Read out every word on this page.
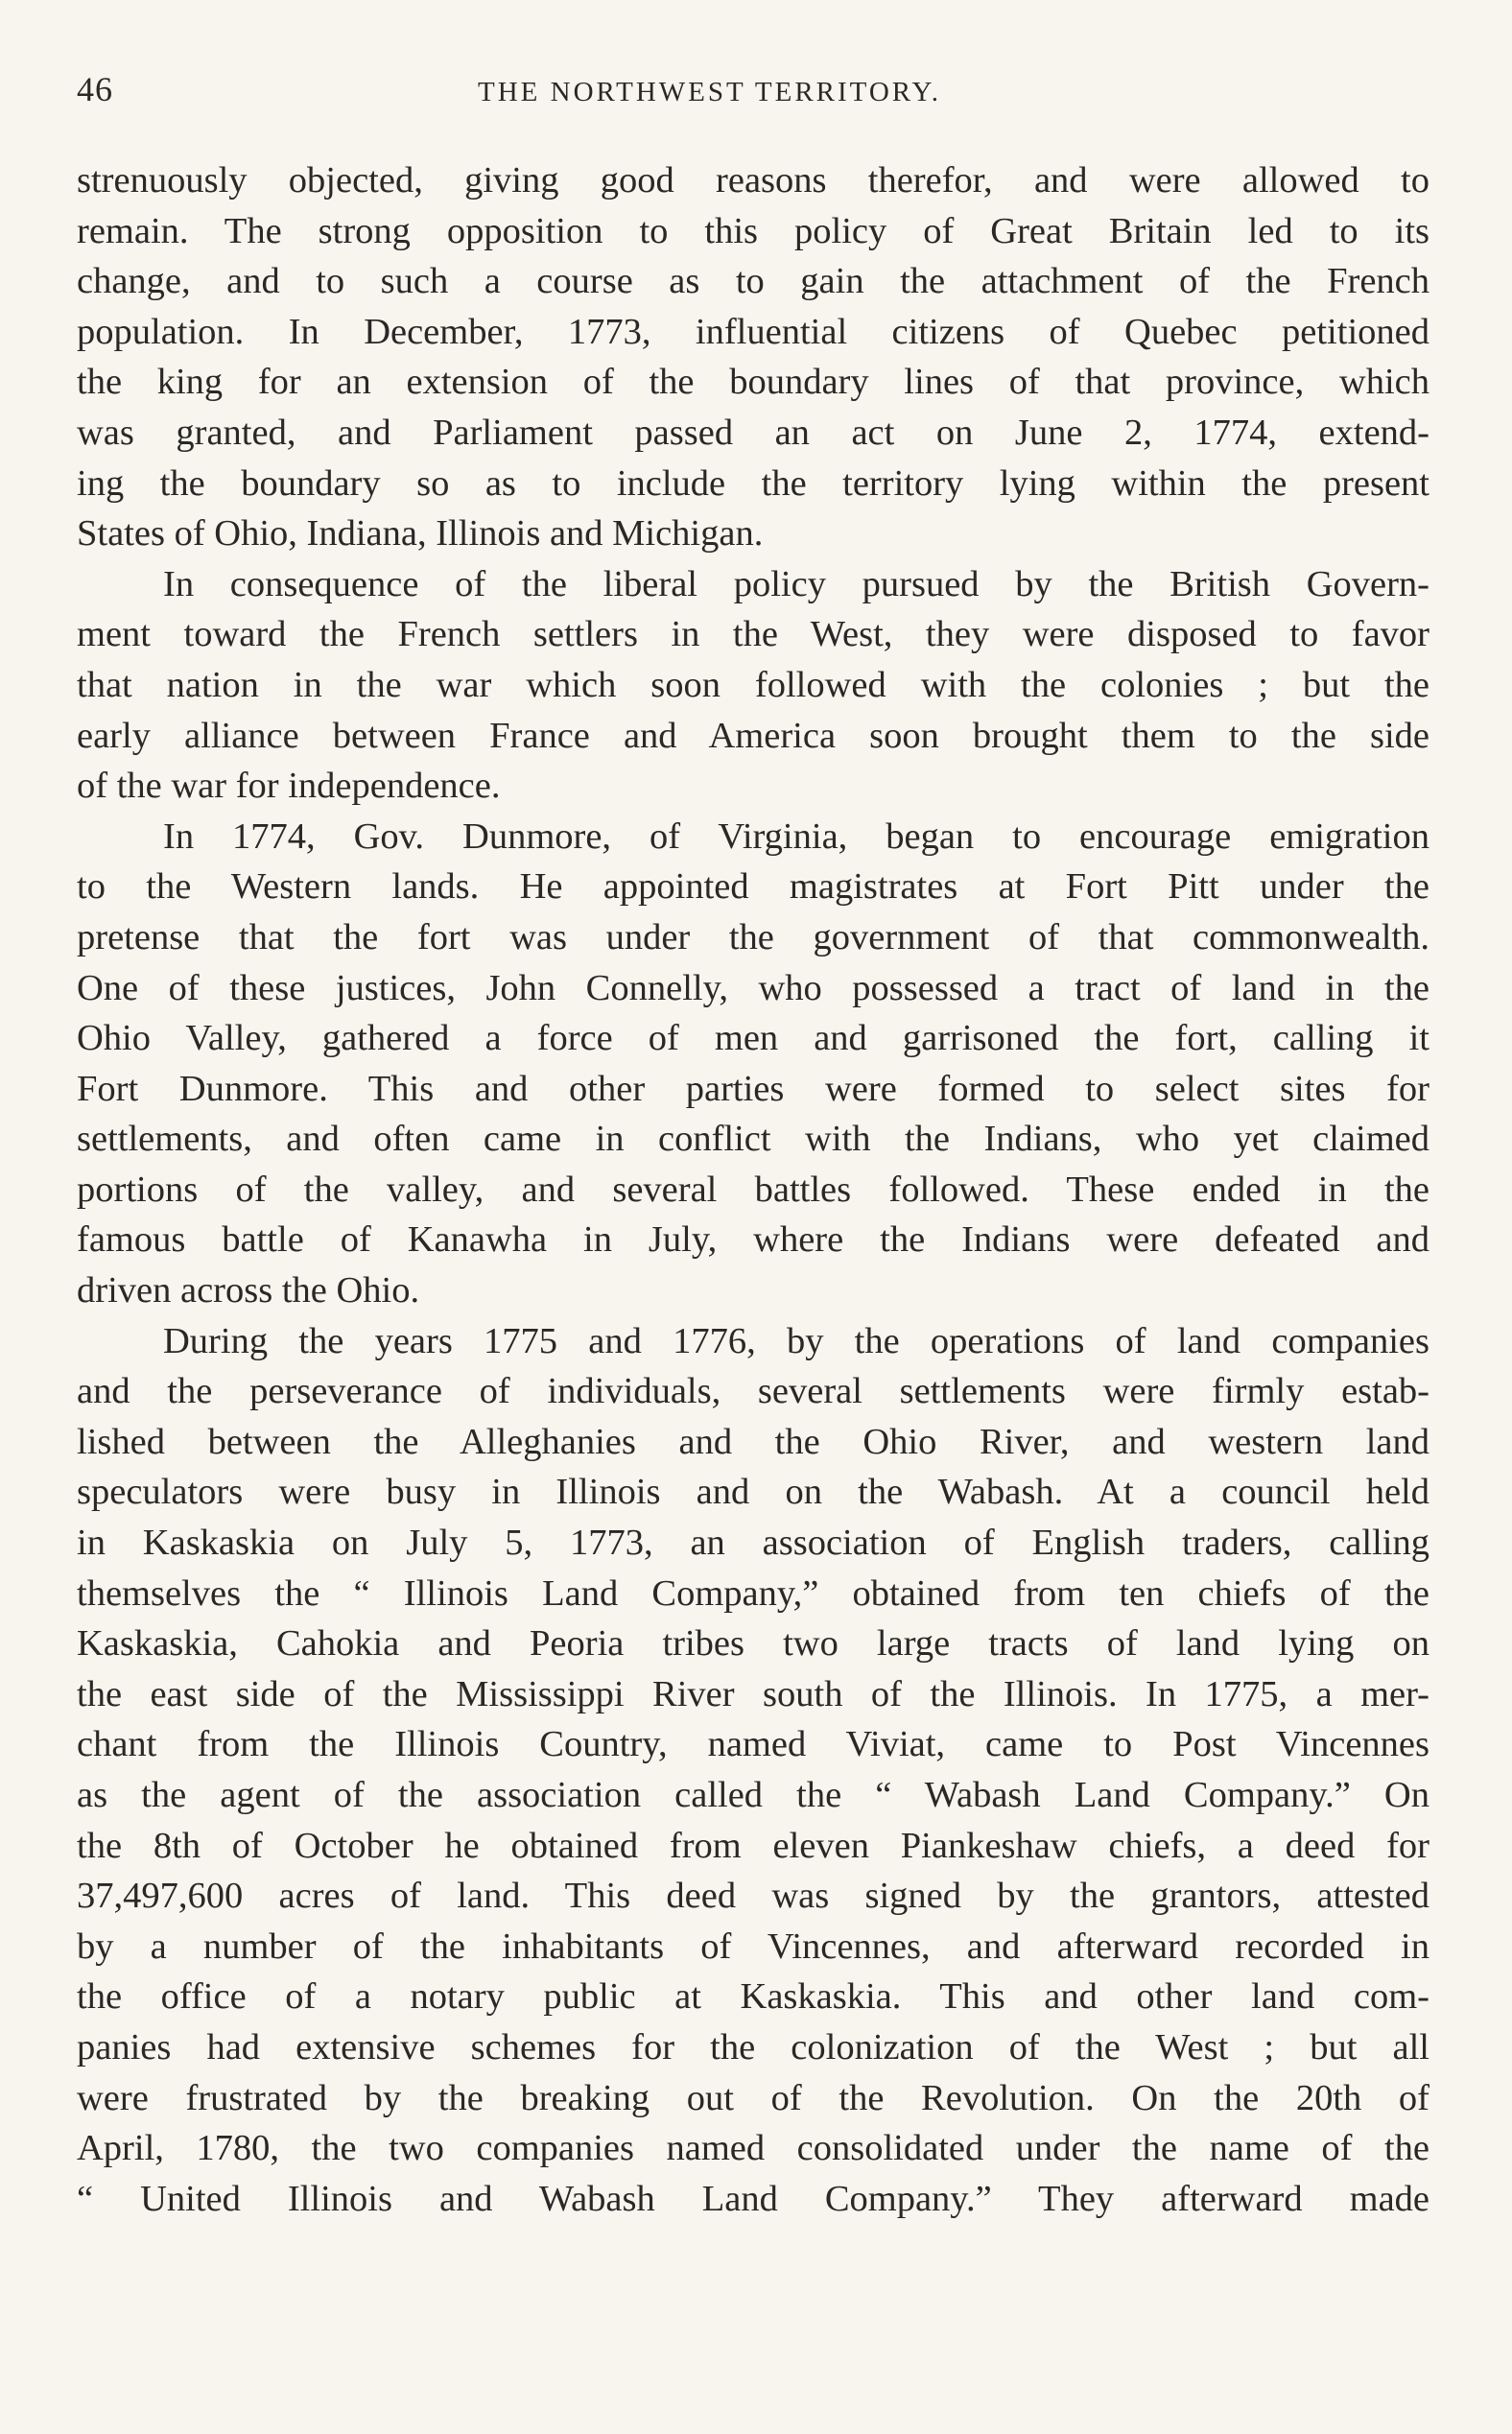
46	THE NORTHWEST TERRITORY.
strenuously objected, giving good reasons therefor, and were allowed to
remain. The strong opposition to this policy of Great Britain led to its
change, and to such a course as to gain the attachment of the French
population. In December, 1773, influential citizens of Quebec petitioned
the king for an extension of the boundary lines of that province, which
was granted, and Parliament passed an act on June 2, 1774, extend-
ing the boundary so as to include the territory lying within the present
States of Ohio, Indiana, Illinois and Michigan.
In consequence of the liberal policy pursued by the British Govern-
ment toward the French settlers in the West, they were disposed to favor
that nation in the war which soon followed with the colonies ; but the
early alliance between France and America soon brought them to the side
of the war for independence.
In 1774, Gov. Dunmore, of Virginia, began to encourage emigration
to the Western lands. He appointed magistrates at Fort Pitt under the
pretense that the fort was under the government of that commonwealth.
One of these justices, John Connelly, who possessed a tract of land in the
Ohio Valley, gathered a force of men and garrisoned the fort, calling it
Fort Dunmore. This and other parties were formed to select sites for
settlements, and often came in conflict with the Indians, who yet claimed
portions of the valley, and several battles followed. These ended in the
famous battle of Kanawha in July, where the Indians were defeated and
driven across the Ohio.
During the years 1775 and 1776, by the operations of land companies
and the perseverance of individuals, several settlements were firmly estab-
lished between the Alleghanies and the Ohio River, and western land
speculators were busy in Illinois and on the Wabash. At a council held
in Kaskaskia on July 5, 1773, an association of English traders, calling
themselves the “ Illinois Land Company,” obtained from ten chiefs of the
Kaskaskia, Cahokia and Peoria tribes two large tracts of land lying on
the east side of the Mississippi River south of the Illinois. In 1775, a mer-
chant from the Illinois Country, named Viviat, came to Post Vincennes
as the agent of the association called the “ Wabash Land Company.” On
the 8th of October he obtained from eleven Piankeshaw chiefs, a deed for
37,497,600 acres of land. This deed was signed by the grantors, attested
by a number of the inhabitants of Vincennes, and afterward recorded in
the office of a notary public at Kaskaskia. This and other land com-
panies had extensive schemes for the colonization of the West ; but all
were frustrated by the breaking out of the Revolution. On the 20th of
April, 1780, the two companies named consolidated under the name of the
“ United Illinois and Wabash Land Company.” They afterward made
